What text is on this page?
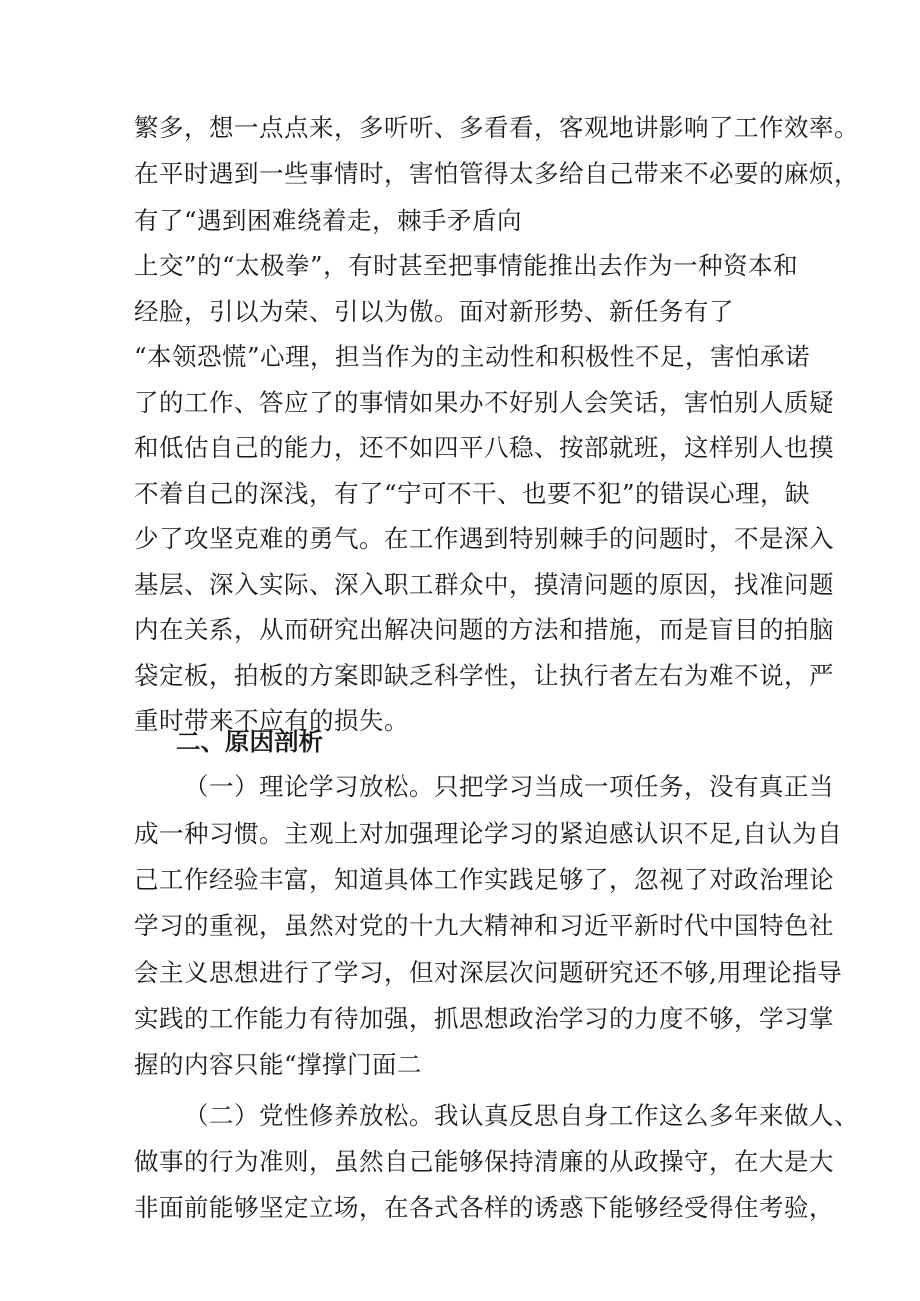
繁多，想一点点来，多听听、多看看，客观地讲影响了工作效率。
在平时遇到一些事情时，害怕管得太多给自己带来不必要的麻烦，
有了“遇到困难绕着走，棘手矛盾向
上交”的“太极拳”，有时甚至把事情能推出去作为一种资本和
经脸，引以为荣、引以为傲。面对新形势、新任务有了
“本领恐慌”心理，担当作为的主动性和积极性不足，害怕承诺
了的工作、答应了的事情如果办不好别人会笑话，害怕别人质疑
和低估自己的能力，还不如四平八稳、按部就班，这样别人也摸
不着自己的深浅，有了“宁可不干、也要不犯”的错误心理，缺
少了攻坚克难的勇气。在工作遇到特别棘手的问题时，不是深入
基层、深入实际、深入职工群众中，摸清问题的原因，找准问题
内在关系，从而研究出解决问题的方法和措施，而是盲目的拍脑
袋定板，拍板的方案即缺乏科学性，让执行者左右为难不说，严
重时带来不应有的损失。
二、原因剖析
（一）理论学习放松。只把学习当成一项任务，没有真正当
成一种习惯。主观上对加强理论学习的紧迫感认识不足,自认为自
己工作经验丰富，知道具体工作实践足够了，忽视了对政治理论
学习的重视，虽然对党的十九大精神和习近平新时代中国特色社
会主义思想进行了学习，但对深层次问题研究还不够,用理论指导
实践的工作能力有待加强，抓思想政治学习的力度不够，学习掌
握的内容只能“撑撑门面二
（二）党性修养放松。我认真反思自身工作这么多年来做人、
做事的行为准则，虽然自己能够保持清廉的从政操守，在大是大
非面前能够坚定立场，在各式各样的诱惑下能够经受得住考验，
